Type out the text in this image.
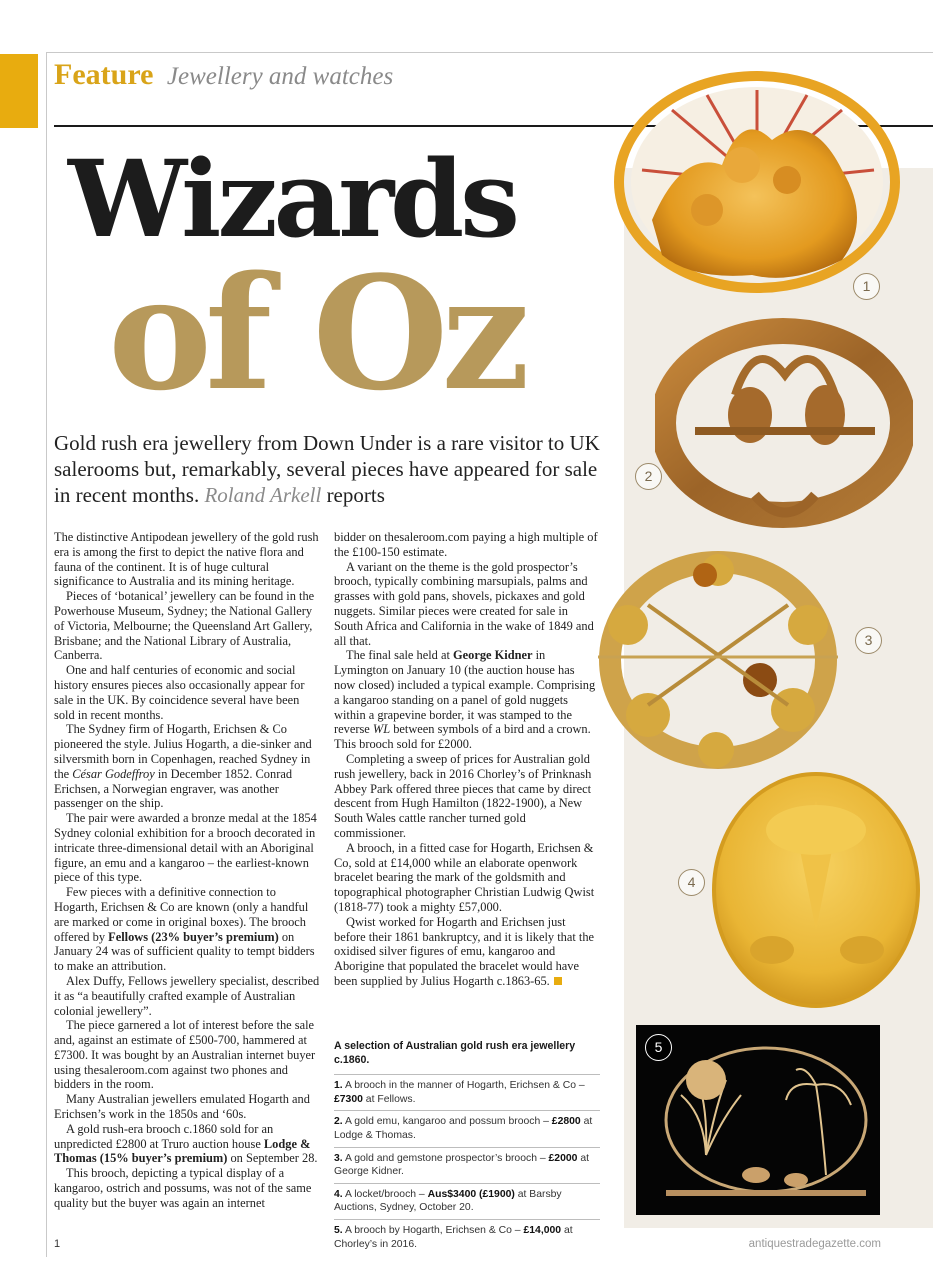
Feature Jewellery and watches
Wizards
of Oz

Gold rush era jewellery from Down Under is a rare visitor to UK salerooms but, remarkably, several pieces have appeared for sale in recent months. Roland Arkell reports

The distinctive Antipodean jewellery of the gold rush era is among the first to depict the native flora and fauna of the continent. It is of huge cultural significance to Australia and its mining heritage.

Pieces of ‘botanical’ jewellery can be found in the Powerhouse Museum, Sydney; the National Gallery of Victoria, Melbourne; the Queensland Art Gallery, Brisbane; and the National Library of Australia, Canberra.

One and half centuries of economic and social history ensures pieces also occasionally appear for sale in the UK. By coincidence several have been sold in recent months.

The Sydney firm of Hogarth, Erichsen & Co pioneered the style. Julius Hogarth, a die-sinker and silversmith born in Copenhagen, reached Sydney in the César Godeffroy in December 1852. Conrad Erichsen, a Norwegian engraver, was another passenger on the ship.

The pair were awarded a bronze medal at the 1854 Sydney colonial exhibition for a brooch decorated in intricate three-dimensional detail with an Aboriginal figure, an emu and a kangaroo – the earliest-known piece of this type.

Few pieces with a definitive connection to Hogarth, Erichsen & Co are known (only a handful are marked or come in original boxes). The brooch offered by Fellows (23% buyer’s premium) on January 24 was of sufficient quality to tempt bidders to make an attribution.

Alex Duffy, Fellows jewellery specialist, described it as “a beautifully crafted example of Australian colonial jewellery”.

The piece garnered a lot of interest before the sale and, against an estimate of £500-700, hammered at £7300. It was bought by an Australian internet buyer using thesaleroom.com against two phones and bidders in the room.

Many Australian jewellers emulated Hogarth and Erichsen’s work in the 1850s and ‘60s.

A gold rush-era brooch c.1860 sold for an unpredicted £2800 at Truro auction house Lodge & Thomas (15% buyer’s premium) on September 28.

This brooch, depicting a typical display of a kangaroo, ostrich and possums, was not of the same quality but the buyer was again an internet

bidder on thesaleroom.com paying a high multiple of the £100-150 estimate.

A variant on the theme is the gold prospector’s brooch, typically combining marsupials, palms and grasses with gold pans, shovels, pickaxes and gold nuggets. Similar pieces were created for sale in South Africa and California in the wake of 1849 and all that.

The final sale held at George Kidner in Lymington on January 10 (the auction house has now closed) included a typical example. Comprising a kangaroo standing on a panel of gold nuggets within a grapevine border, it was stamped to the reverse WL between symbols of a bird and a crown. This brooch sold for £2000.

Completing a sweep of prices for Australian gold rush jewellery, back in 2016 Chorley’s of Prinknash Abbey Park offered three pieces that came by direct descent from Hugh Hamilton (1822-1900), a New South Wales cattle rancher turned gold commissioner.

A brooch, in a fitted case for Hogarth, Erichsen & Co, sold at £14,000 while an elaborate openwork bracelet bearing the mark of the goldsmith and topographical photographer Christian Ludwig Qwist (1818-77) took a mighty £57,000.

Qwist worked for Hogarth and Erichsen just before their 1861 bankruptcy, and it is likely that the oxidised silver figures of emu, kangaroo and Aborigine that populated the bracelet would have been supplied by Julius Hogarth c.1863-65.

A selection of Australian gold rush era jewellery c.1860.
1. A brooch in the manner of Hogarth, Erichsen & Co – £7300 at Fellows.
2. A gold emu, kangaroo and possum brooch – £2800 at Lodge & Thomas.
3. A gold and gemstone prospector’s brooch – £2000 at George Kidner.
4. A locket/brooch – Aus$3400 (£1900) at Barsby Auctions, Sydney, October 20.
5. A brooch by Hogarth, Erichsen & Co – £14,000 at Chorley’s in 2016.
1
2
3
4
5
1	antiquestradegazette.com
